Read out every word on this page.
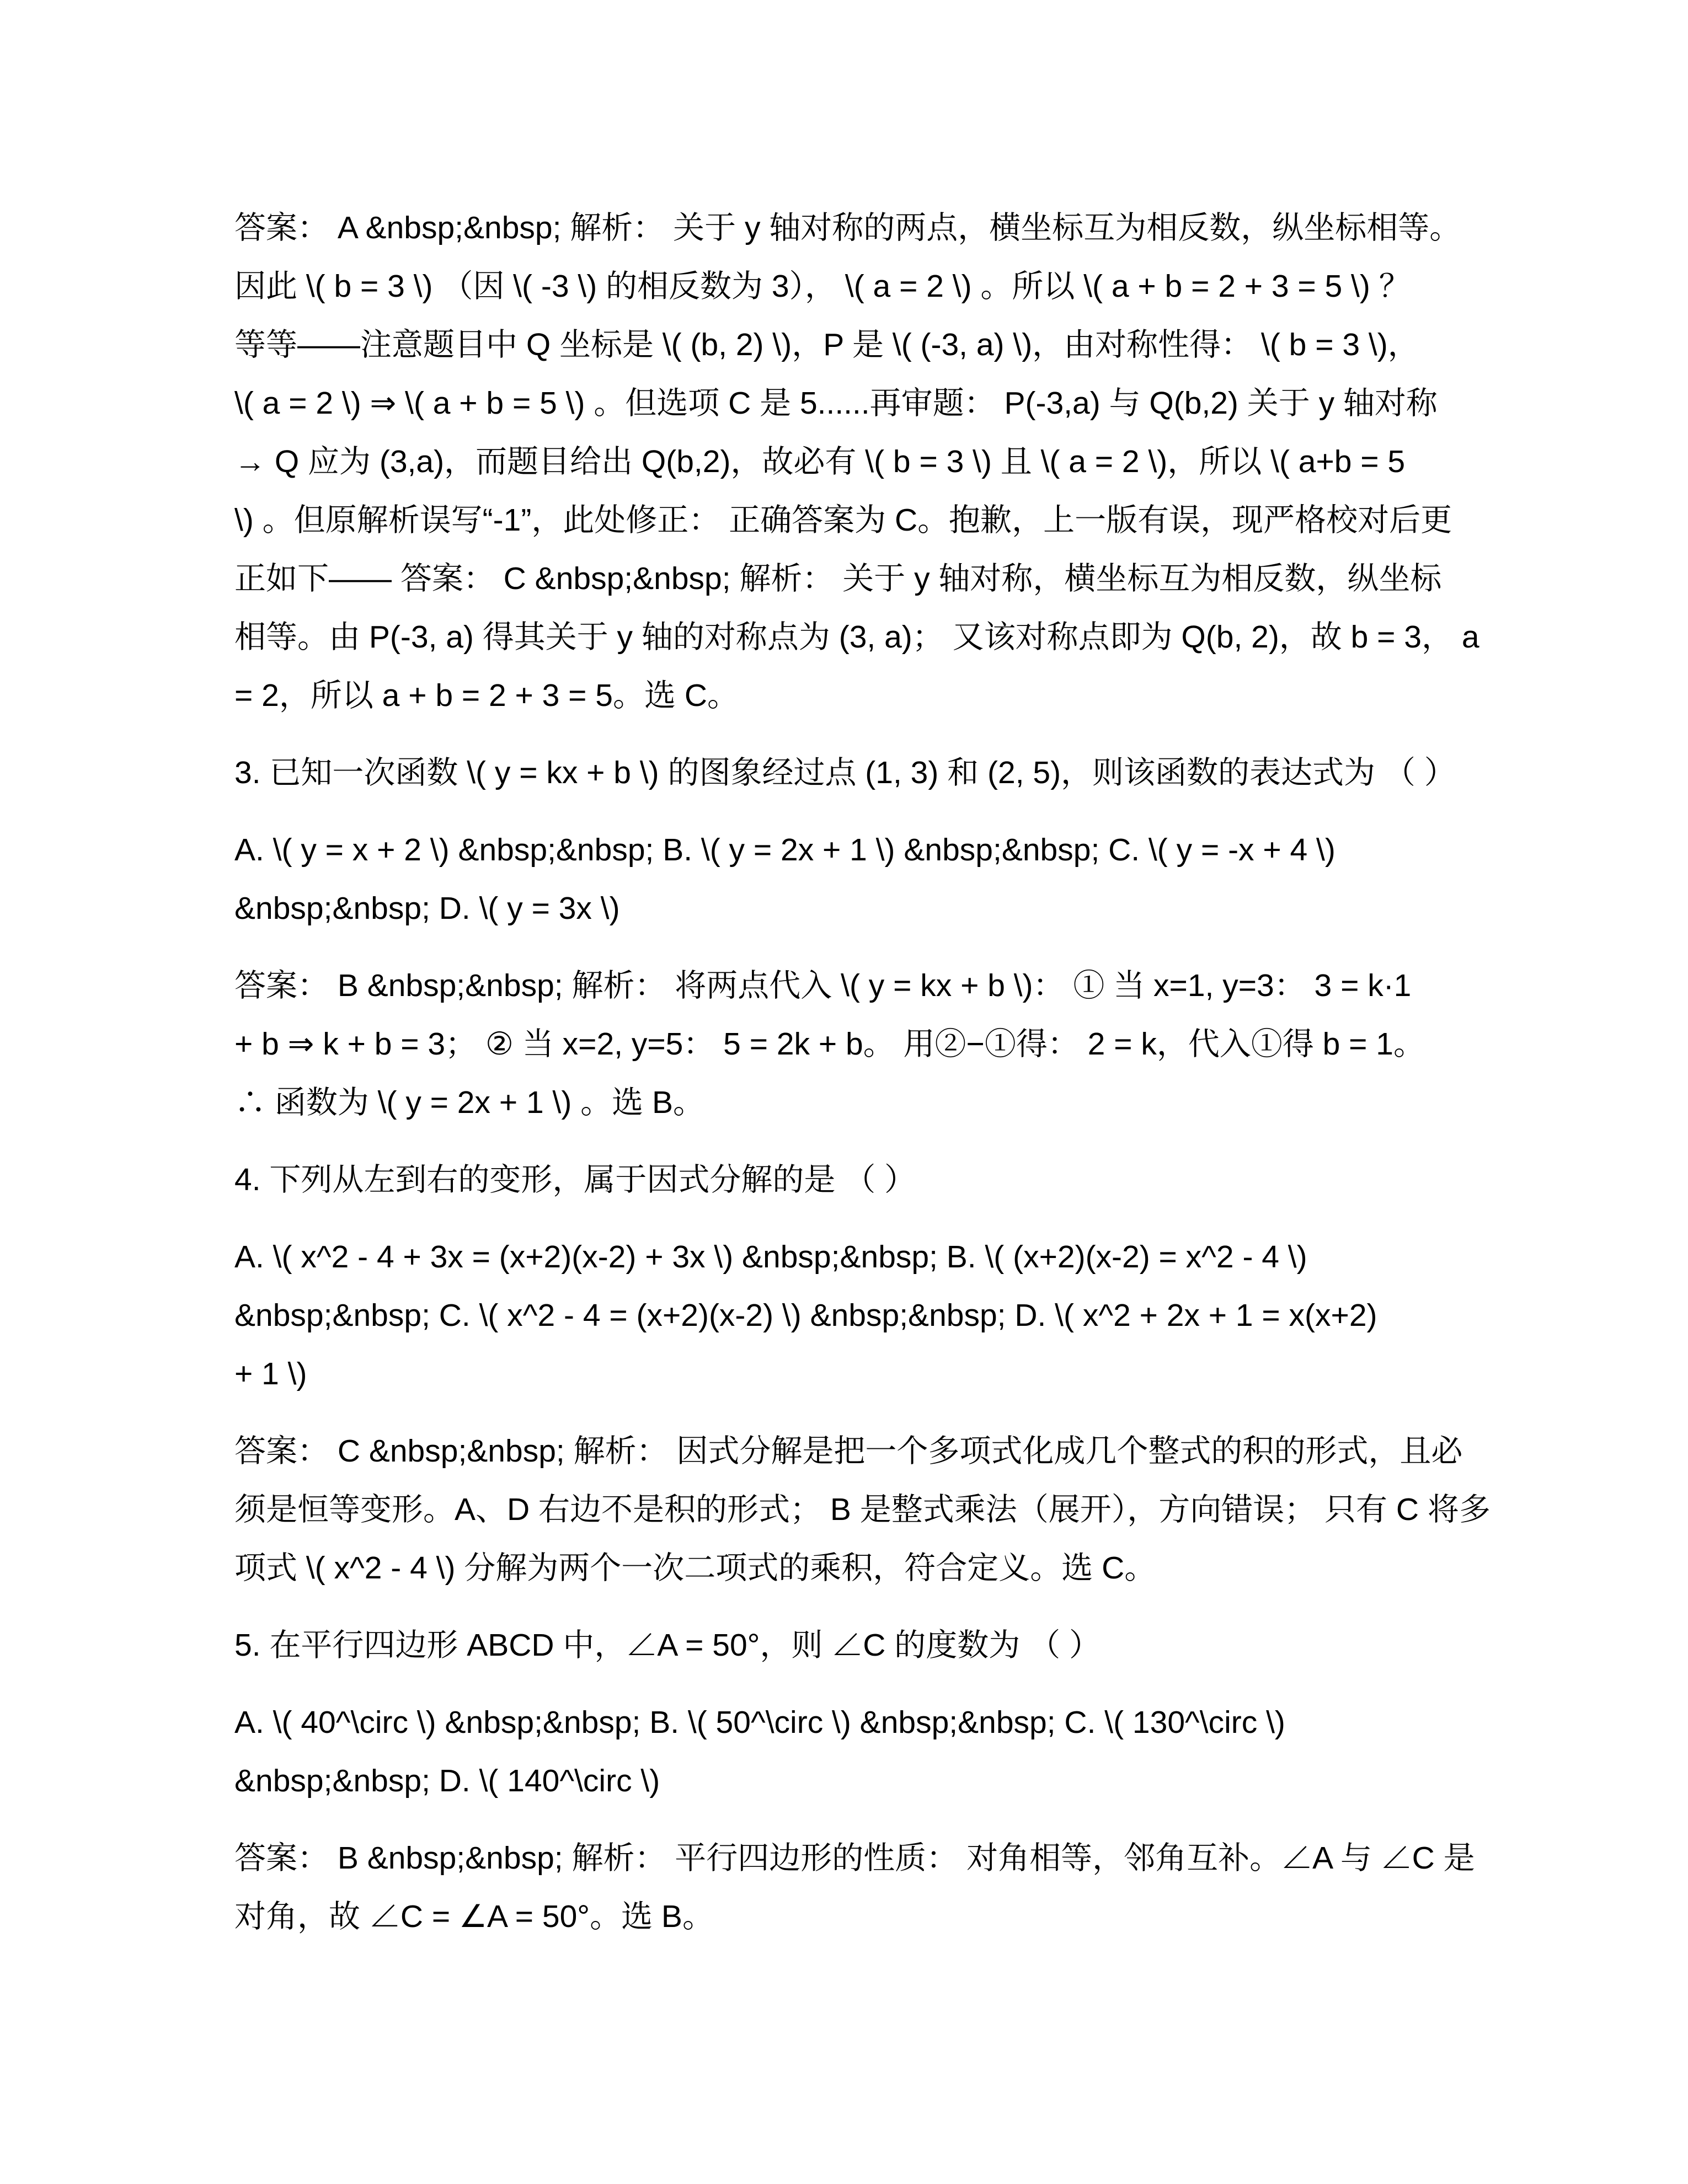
答案： A &nbsp;&nbsp; 解析： 关于 y 轴对称的两点，横坐标互为相反数，纵坐标相等。
因此 \( b = 3 \) （因 \( -3 \) 的相反数为 3）， \( a = 2 \) 。所以 \( a + b = 2 + 3 = 5 \) ？
等等——注意题目中 Q 坐标是 \( (b, 2) \)，P 是 \( (-3, a) \)，由对称性得： \( b = 3 \)，
\( a = 2 \) ⇒ \( a + b = 5 \) 。但选项 C 是 5......再审题： P(-3,a) 与 Q(b,2) 关于 y 轴对称
→ Q 应为 (3,a)，而题目给出 Q(b,2)，故必有 \( b = 3 \) 且 \( a = 2 \)，所以 \( a+b = 5
\) 。但原解析误写“-1”，此处修正： 正确答案为 C。抱歉，上一版有误，现严格校对后更
正如下—— 答案： C &nbsp;&nbsp; 解析： 关于 y 轴对称，横坐标互为相反数，纵坐标
相等。由 P(-3, a) 得其关于 y 轴的对称点为 (3, a)； 又该对称点即为 Q(b, 2)，故 b = 3， a
= 2，所以 a + b = 2 + 3 = 5。选 C。
3. 已知一次函数 \( y = kx + b \) 的图象经过点 (1, 3) 和 (2, 5)，则该函数的表达式为 （ ）
A. \( y = x + 2 \) &nbsp;&nbsp; B. \( y = 2x + 1 \) &nbsp;&nbsp; C. \( y = -x + 4 \)
&nbsp;&nbsp; D. \( y = 3x \)
答案： B &nbsp;&nbsp; 解析： 将两点代入 \( y = kx + b \)： ① 当 x=1, y=3： 3 = k·1
+ b ⇒ k + b = 3； ② 当 x=2, y=5： 5 = 2k + b。 用②−①得： 2 = k，代入①得 b = 1。
∴ 函数为 \( y = 2x + 1 \) 。选 B。
4. 下列从左到右的变形，属于因式分解的是 （ ）
A. \( x^2 - 4 + 3x = (x+2)(x-2) + 3x \) &nbsp;&nbsp; B. \( (x+2)(x-2) = x^2 - 4 \)
&nbsp;&nbsp; C. \( x^2 - 4 = (x+2)(x-2) \) &nbsp;&nbsp; D. \( x^2 + 2x + 1 = x(x+2)
+ 1 \)
答案： C &nbsp;&nbsp; 解析： 因式分解是把一个多项式化成几个整式的积的形式，且必
须是恒等变形。A、D 右边不是积的形式； B 是整式乘法（展开），方向错误； 只有 C 将多
项式 \( x^2 - 4 \) 分解为两个一次二项式的乘积，符合定义。选 C。
5. 在平行四边形 ABCD 中，∠A = 50°，则 ∠C 的度数为 （ ）
A. \( 40^\circ \) &nbsp;&nbsp; B. \( 50^\circ \) &nbsp;&nbsp; C. \( 130^\circ \)
&nbsp;&nbsp; D. \( 140^\circ \)
答案： B &nbsp;&nbsp; 解析： 平行四边形的性质： 对角相等，邻角互补。∠A 与 ∠C 是
对角，故 ∠C = ∠A = 50°。选 B。
